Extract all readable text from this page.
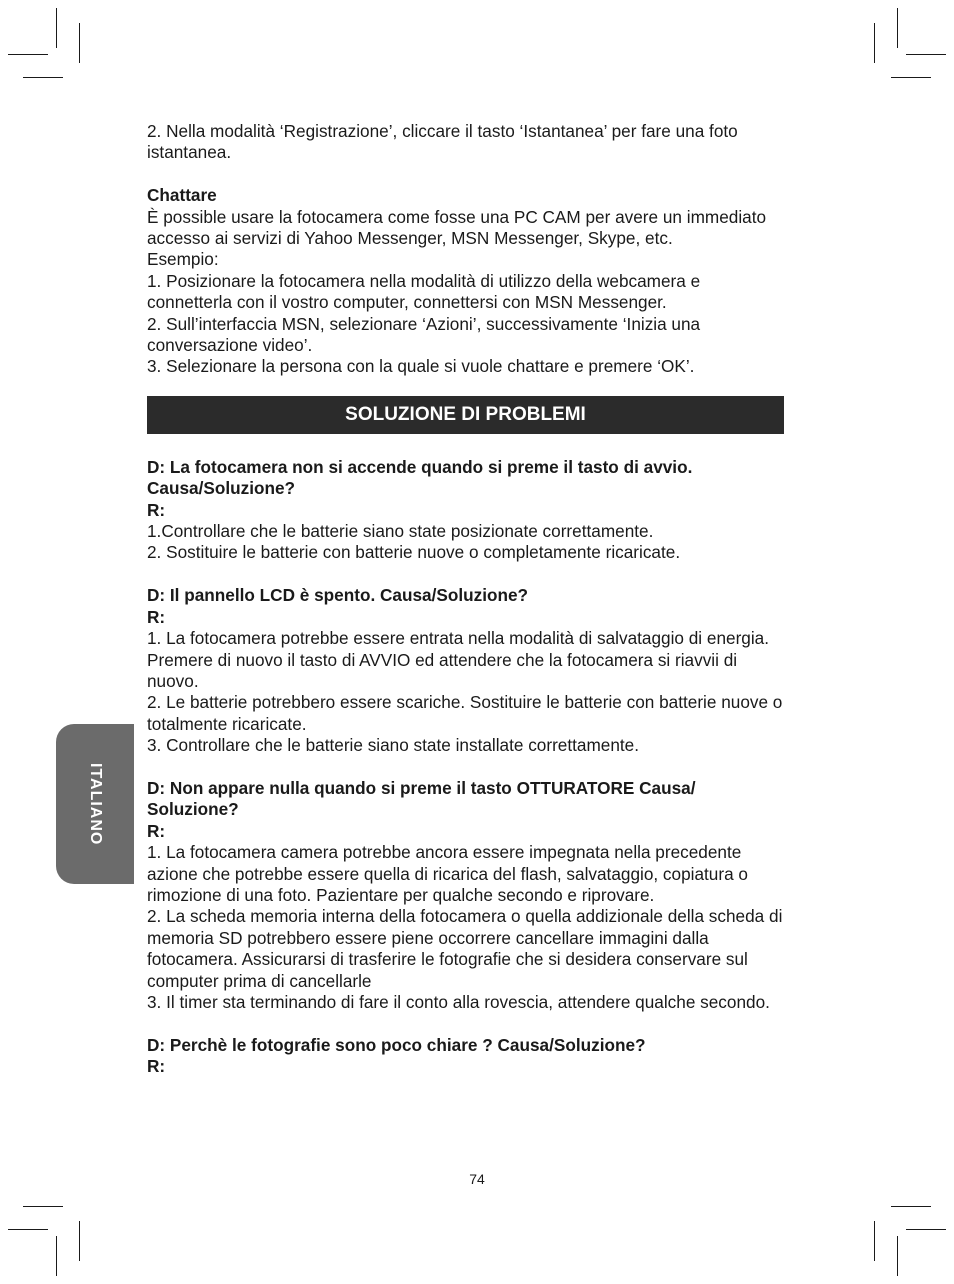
ITALIANO

2. Nella modalità ‘Registrazione’, cliccare il tasto ‘Istantanea’ per fare una foto istantanea.

Chattare

È possible usare la fotocamera come fosse una PC CAM per avere un immediato accesso ai servizi di Yahoo Messenger, MSN Messenger, Skype, etc.

Esempio:

1. Posizionare la fotocamera nella modalità di utilizzo della webcamera e connetterla con il vostro computer, connettersi con MSN Messenger.

2. Sull’interfaccia MSN, selezionare ‘Azioni’, successivamente ‘Inizia una conversazione video’.

3. Selezionare la persona con la quale si vuole chattare e premere ‘OK’.

SOLUZIONE DI PROBLEMI

D: La fotocamera non si accende quando si preme il tasto di avvio. Causa/Soluzione?

R:

1.Controllare che le batterie siano state posizionate correttamente.

2. Sostituire le batterie con batterie nuove o completamente ricaricate.

D: Il pannello LCD è spento. Causa/Soluzione?

R:

1. La fotocamera potrebbe essere entrata nella modalità di salvataggio di energia. Premere di nuovo il tasto di AVVIO ed attendere che la fotocamera si riavvii di nuovo.

2. Le batterie potrebbero essere scariche. Sostituire le batterie con batterie nuove o totalmente ricaricate.

3. Controllare che le batterie siano state installate correttamente.

D: Non appare nulla quando si preme il tasto OTTURATORE Causa/ Soluzione?

R:

1. La fotocamera camera potrebbe ancora essere impegnata nella precedente azione che potrebbe essere quella di ricarica del flash, salvataggio, copiatura o rimozione di una foto. Pazientare per qualche secondo e riprovare.

2. La scheda memoria interna della fotocamera o quella addizionale della scheda di memoria SD potrebbero essere piene occorrere cancellare immagini dalla fotocamera. Assicurarsi di trasferire le fotografie che si desidera conservare sul computer prima di cancellarle

3. Il timer sta terminando di fare il conto alla rovescia, attendere qualche secondo.

D: Perchè le fotografie sono poco chiare ? Causa/Soluzione?

R:

74
